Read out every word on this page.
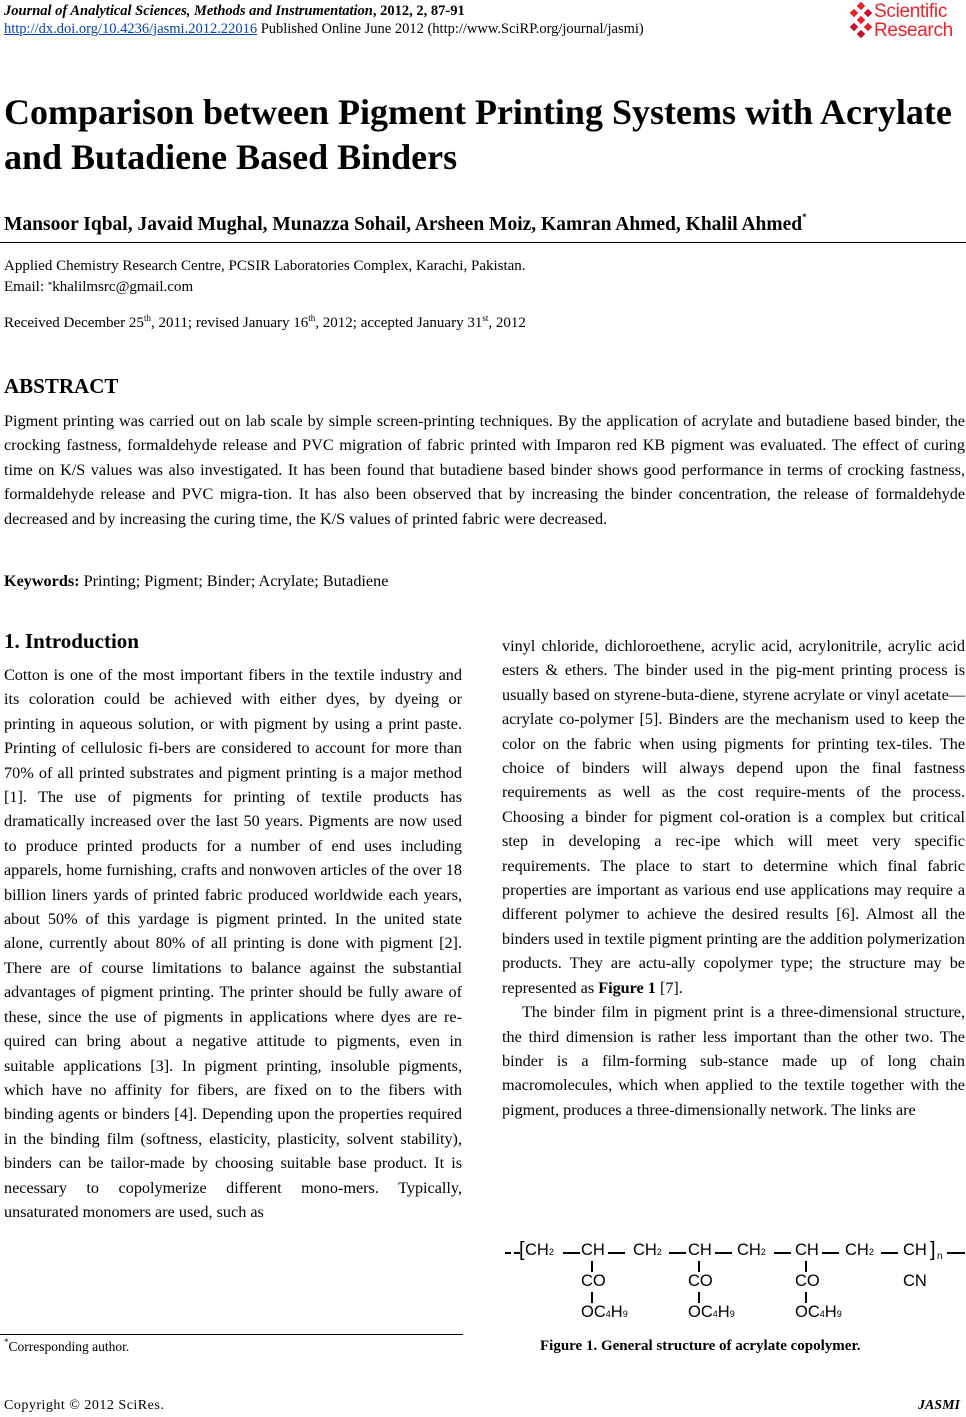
Journal of Analytical Sciences, Methods and Instrumentation, 2012, 2, 87-91
http://dx.doi.org/10.4236/jasmi.2012.22016 Published Online June 2012 (http://www.SciRP.org/journal/jasmi)
Scientific
Research
Comparison between Pigment Printing Systems with Acrylate and Butadiene Based Binders
Mansoor Iqbal, Javaid Mughal, Munazza Sohail, Arsheen Moiz, Kamran Ahmed, Khalil Ahmed*
Applied Chemistry Research Centre, PCSIR Laboratories Complex, Karachi, Pakistan.
Email: *khalilmsrc@gmail.com
Received December 25th, 2011; revised January 16th, 2012; accepted January 31st, 2012
ABSTRACT
Pigment printing was carried out on lab scale by simple screen-printing techniques. By the application of acrylate and butadiene based binder, the crocking fastness, formaldehyde release and PVC migration of fabric printed with Imparon red KB pigment was evaluated. The effect of curing time on K/S values was also investigated. It has been found that butadiene based binder shows good performance in terms of crocking fastness, formaldehyde release and PVC migra-tion. It has also been observed that by increasing the binder concentration, the release of formaldehyde decreased and by increasing the curing time, the K/S values of printed fabric were decreased.
Keywords: Printing; Pigment; Binder; Acrylate; Butadiene
1. Introduction

Cotton is one of the most important fibers in the textile industry and its coloration could be achieved with either dyes, by dyeing or printing in aqueous solution, or with pigment by using a print paste. Printing of cellulosic fi-bers are considered to account for more than 70% of all printed substrates and pigment printing is a major method [1]. The use of pigments for printing of textile products has dramatically increased over the last 50 years. Pigments are now used to produce printed products for a number of end uses including apparels, home furnishing, crafts and nonwoven articles of the over 18 billion liners yards of printed fabric produced worldwide each years, about 50% of this yardage is pigment printed. In the united state alone, currently about 80% of all printing is done with pigment [2]. There are of course limitations to balance against the substantial advantages of pigment printing. The printer should be fully aware of these, since the use of pigments in applications where dyes are re-quired can bring about a negative attitude to pigments, even in suitable applications [3]. In pigment printing, insoluble pigments, which have no affinity for fibers, are fixed on to the fibers with binding agents or binders [4]. Depending upon the properties required in the binding film (softness, elasticity, plasticity, solvent stability), binders can be tailor-made by choosing suitable base product. It is necessary to copolymerize different mono-mers. Typically, unsaturated monomers are used, such as

vinyl chloride, dichloroethene, acrylic acid, acrylonitrile, acrylic acid esters & ethers. The binder used in the pig-ment printing process is usually based on styrene-buta-diene, styrene acrylate or vinyl acetate—acrylate co-polymer [5]. Binders are the mechanism used to keep the color on the fabric when using pigments for printing tex-tiles. The choice of binders will always depend upon the final fastness requirements as well as the cost require-ments of the process. Choosing a binder for pigment col-oration is a complex but critical step in developing a rec-ipe which will meet very specific requirements. The place to start to determine which final fabric properties are important as various end use applications may require a different polymer to achieve the desired results [6]. Almost all the binders used in textile pigment printing are the addition polymerization products. They are actu-ally copolymer type; the structure may be represented as Figure 1 [7].

The binder film in pigment print is a three-dimensional structure, the third dimension is rather less important than the other two. The binder is a film-forming sub-stance made up of long chain macromolecules, which when applied to the textile together with the pigment, produces a three-dimensionally network. The links are

[ CH2 CH CH2 CH CH2 CH CH2 CH ] n
CO
OC4H9
CO
OC4H9
CO
OC4H9
CN
Figure 1. General structure of acrylate copolymer.
*Corresponding author.
Copyright © 2012 SciRes.	JASMI
